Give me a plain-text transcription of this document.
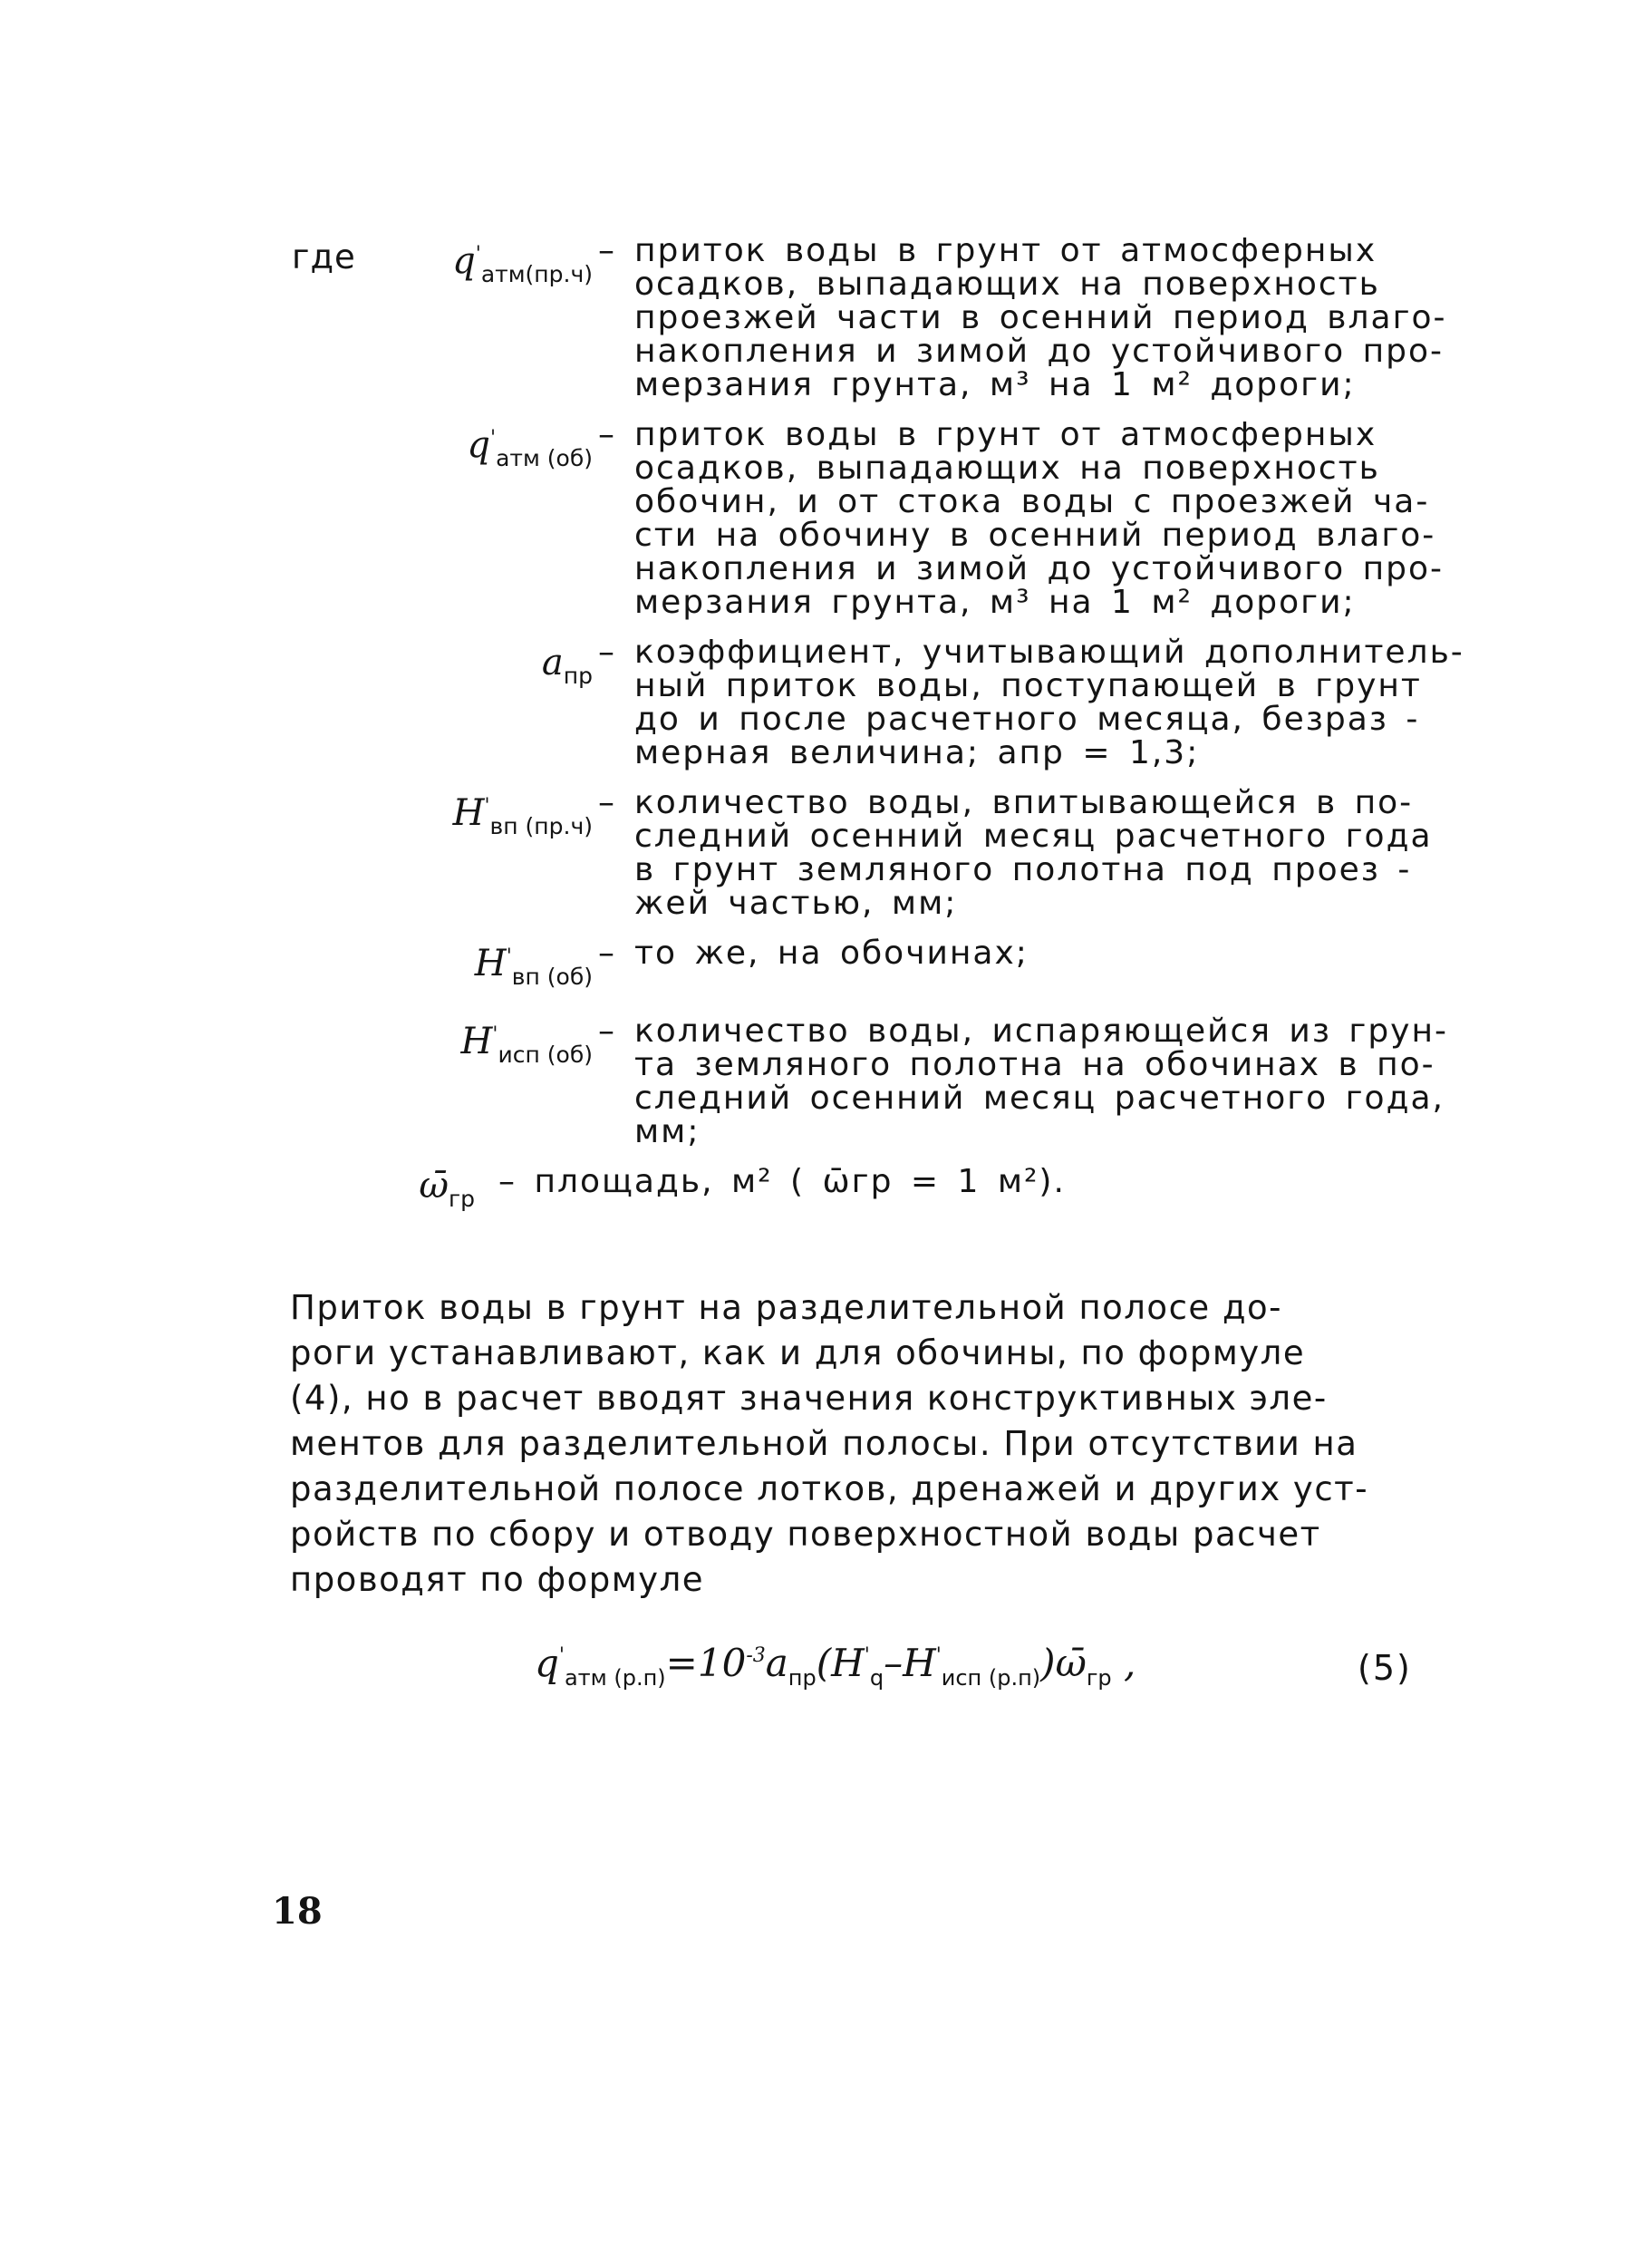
где	$q'_{атм(пр.ч)}$
– приток воды в грунт от атмосферных
осадков, выпадающих на поверхность
проезжей части в осенний период влаго-
накопления и зимой до устойчивого про-
мерзания грунта, м³ на 1 м² дороги;
$q'_{атм (об)}$
– приток воды в грунт от атмосферных
осадков, выпадающих на поверхность
обочин, и от стока воды с проезжей ча-
сти на обочину в осенний период влаго-
накопления и зимой до устойчивого про-
мерзания грунта, м³ на 1 м² дороги;
$a_{пр}$
– коэффициент, учитывающий дополнитель-
ный приток воды, поступающей в грунт
до и после расчетного месяца, безраз -
мерная величина; aпр = 1,3;
$H'_{вп (пр.ч)}$
– количество воды, впитывающейся в по-
следний осенний месяц расчетного года
в грунт земляного полотна под проез -
жей частью, мм;
$H'_{вп (об)}$
– то же, на обочинах;
$H'_{исп (об)}$
– количество воды, испаряющейся из грун-
та земляного полотна на обочинах в по-
следний осенний месяц расчетного года,
мм;
$\omegā_{гр}$ – площадь, м² ( ω̄гр = 1 м²).
Приток воды в грунт на разделительной полосе до-
роги устанавливают, как и для обочины, по формуле
(4), но в расчет вводят значения конструктивных эле-
ментов для разделительной полосы. При отсутствии на
разделительной полосе лотков, дренажей и других уст-
ройств по сбору и отводу поверхностной воды расчет
проводят по формуле
$q'_{атм (р.п)}=10^{-3}a_{пр}(H'_q-H'_{исп (р.п)})\omegā_{гр}$ ,	(5)
18
